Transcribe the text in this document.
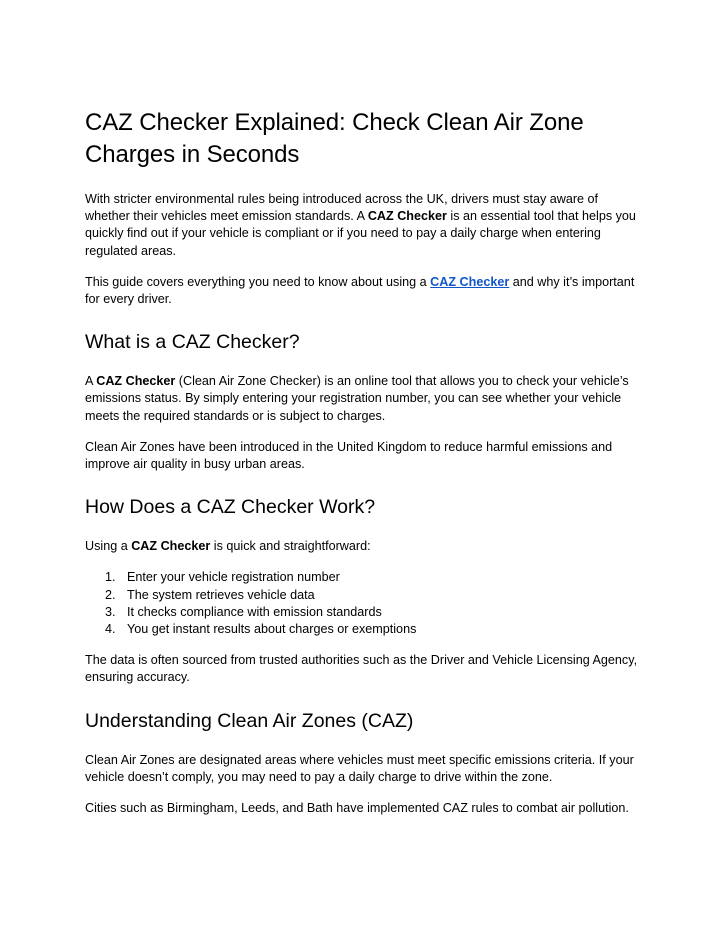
CAZ Checker Explained: Check Clean Air Zone Charges in Seconds

With stricter environmental rules being introduced across the UK, drivers must stay aware of whether their vehicles meet emission standards. A CAZ Checker is an essential tool that helps you quickly find out if your vehicle is compliant or if you need to pay a daily charge when entering regulated areas.

This guide covers everything you need to know about using a CAZ Checker and why it’s important for every driver.

What is a CAZ Checker?

A CAZ Checker (Clean Air Zone Checker) is an online tool that allows you to check your vehicle’s emissions status. By simply entering your registration number, you can see whether your vehicle meets the required standards or is subject to charges.

Clean Air Zones have been introduced in the United Kingdom to reduce harmful emissions and improve air quality in busy urban areas.

How Does a CAZ Checker Work?

Using a CAZ Checker is quick and straightforward:

1. Enter your vehicle registration number
2. The system retrieves vehicle data
3. It checks compliance with emission standards
4. You get instant results about charges or exemptions

The data is often sourced from trusted authorities such as the Driver and Vehicle Licensing Agency, ensuring accuracy.

Understanding Clean Air Zones (CAZ)

Clean Air Zones are designated areas where vehicles must meet specific emissions criteria. If your vehicle doesn’t comply, you may need to pay a daily charge to drive within the zone.

Cities such as Birmingham, Leeds, and Bath have implemented CAZ rules to combat air pollution.
